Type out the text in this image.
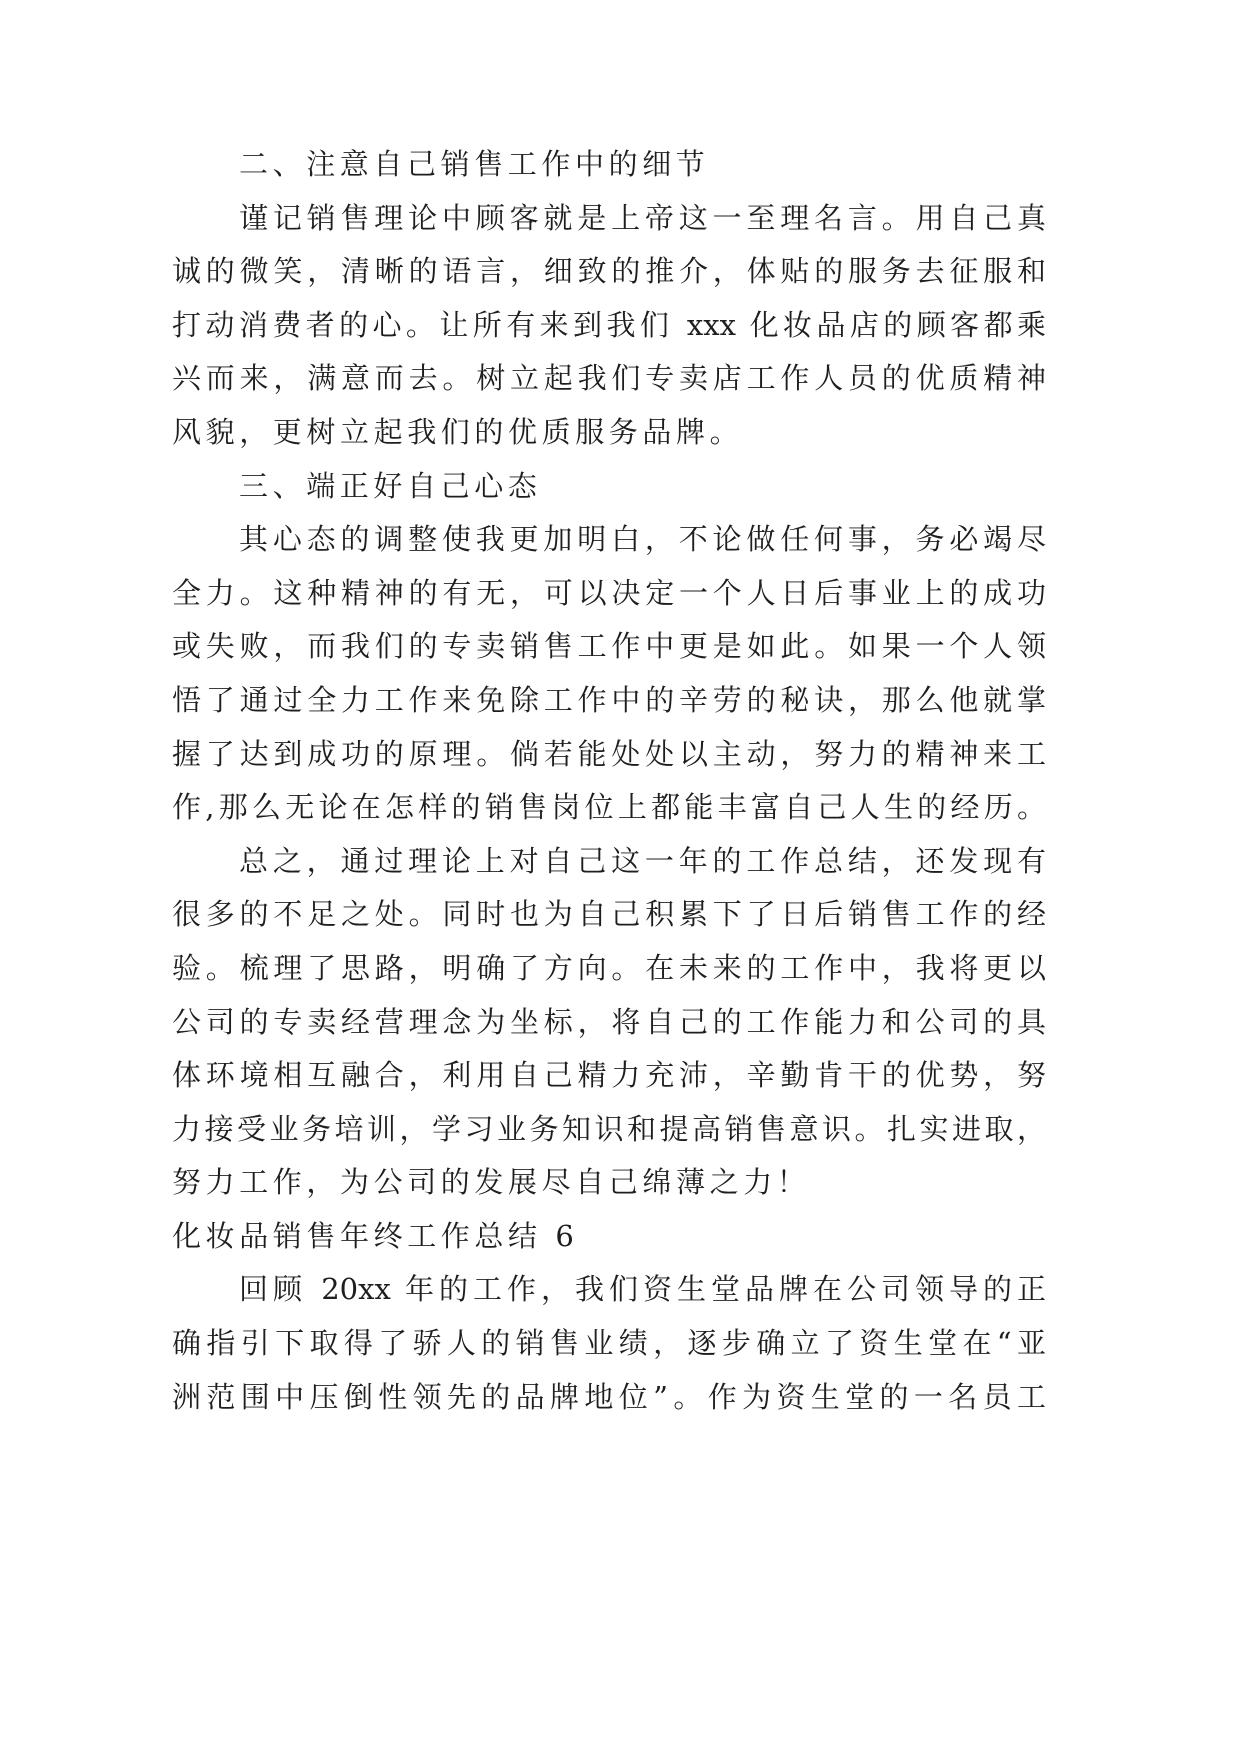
二、注意自己销售工作中的细节
谨记销售理论中顾客就是上帝这一至理名言。用自己真
诚的微笑，清晰的语言，细致的推介，体贴的服务去征服和
打动消费者的心。让所有来到我们 xxx 化妆品店的顾客都乘
兴而来，满意而去。树立起我们专卖店工作人员的优质精神
风貌，更树立起我们的优质服务品牌。
三、端正好自己心态
其心态的调整使我更加明白，不论做任何事，务必竭尽
全力。这种精神的有无，可以决定一个人日后事业上的成功
或失败，而我们的专卖销售工作中更是如此。如果一个人领
悟了通过全力工作来免除工作中的辛劳的秘诀，那么他就掌
握了达到成功的原理。倘若能处处以主动，努力的精神来工
作,那么无论在怎样的销售岗位上都能丰富自己人生的经历。
总之，通过理论上对自己这一年的工作总结，还发现有
很多的不足之处。同时也为自己积累下了日后销售工作的经
验。梳理了思路，明确了方向。在未来的工作中，我将更以
公司的专卖经营理念为坐标，将自己的工作能力和公司的具
体环境相互融合，利用自己精力充沛，辛勤肯干的优势，努
力接受业务培训，学习业务知识和提高销售意识。扎实进取，
努力工作，为公司的发展尽自己绵薄之力！
化妆品销售年终工作总结 6
回顾 20xx 年的工作，我们资生堂品牌在公司领导的正
确指引下取得了骄人的销售业绩，逐步确立了资生堂在“亚
洲范围中压倒性领先的品牌地位”。作为资生堂的一名员工
